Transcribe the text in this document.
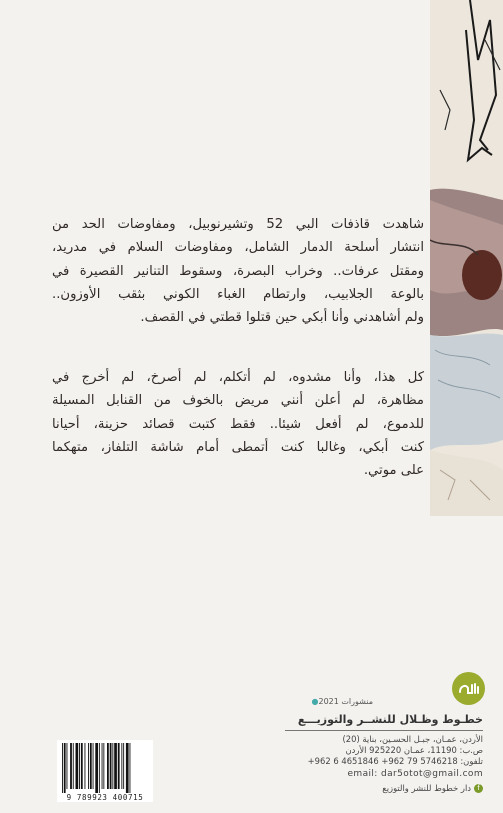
شاهدت قاذفات البي 52 وتشيرنوبيل، ومفاوضات الحد من
انتشار أسلحة الدمار الشامل، ومفاوضات السلام في مدريد،
ومقتل عرفات.. وخراب البصرة، وسقوط التنانير القصيرة في
بالوعة الجلابيب، وارتطام الغباء الكوني بثقب الأوزون..
ولم أشاهدني وأنا أبكي حين قتلوا قطتي في القصف.
كل هذا، وأنا مشدوه، لم أتكلم، لم أصرخ، لم أخرج في
مظاهرة، لم أعلن أنني مريض بالخوف من القنابل المسيلة
للدموع، لم أفعل شيئا.. فقط كتبت قصائد حزينة، أحيانا
كنت أبكي، وغالبا كنت أتمطى أمام شاشة التلفاز، متهكما
على موتي.
منشورات 2021●
خطـوط وظـلال للنشــر والتوزيـــع
الأردن، عمـان، جبـل الحسـين، بناية (20)
ص.ب: 11190، عمـان 925220 الأردن
تلفون: 5746218 79 962+ 4651846 6 962+
email: dar5otot@gmail.com
fدار خطوط للنشر والتوزيع
9 789923 400715
